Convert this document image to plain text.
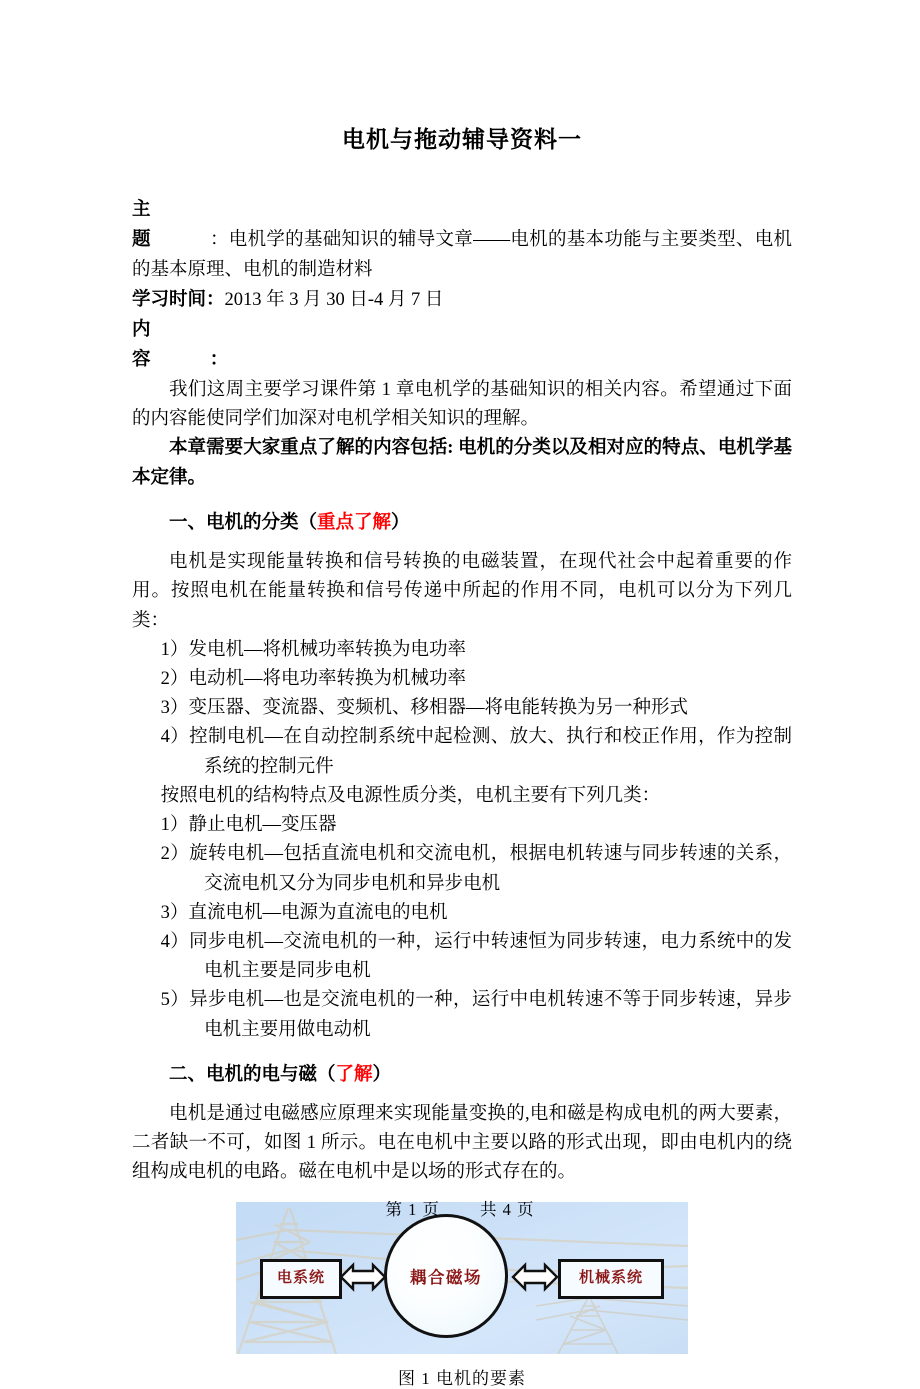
电机与拖动辅导资料一
主题 ：电机学的基础知识的辅导文章——电机的基本功能与主要类型、电机的基本原理、电机的制造材料
学习时间：2013 年 3 月 30 日-4 月 7 日
内容 ：

我们这周主要学习课件第 1 章电机学的基础知识的相关内容。希望通过下面的内容能使同学们加深对电机学相关知识的理解。

本章需要大家重点了解的内容包括: 电机的分类以及相对应的特点、电机学基本定律。

一、电机的分类（重点了解）

电机是实现能量转换和信号转换的电磁装置，在现代社会中起着重要的作用。按照电机在能量转换和信号传递中所起的作用不同，电机可以分为下列几类：

1）发电机—将机械功率转换为电功率
2）电动机—将电功率转换为机械功率
3）变压器、变流器、变频机、移相器—将电能转换为另一种形式
4）控制电机—在自动控制系统中起检测、放大、执行和校正作用，作为控制系统的控制元件
按照电机的结构特点及电源性质分类，电机主要有下列几类：
1）静止电机—变压器
2）旋转电机—包括直流电机和交流电机，根据电机转速与同步转速的关系，交流电机又分为同步电机和异步电机
3）直流电机—电源为直流电的电机
4）同步电机—交流电机的一种，运行中转速恒为同步转速，电力系统中的发电机主要是同步电机
5）异步电机—也是交流电机的一种，运行中电机转速不等于同步转速，异步电机主要用做电动机
二、电机的电与磁（了解）

电机是通过电磁感应原理来实现能量变换的,电和磁是构成电机的两大要素，二者缺一不可，如图 1 所示。电在电机中主要以路的形式出现，即由电机内的绕组构成电机的电路。磁在电机中是以场的形式存在的。

电系统	耦合磁场	机械系统
图 1 电机的要素
第 1 页 共 4 页
